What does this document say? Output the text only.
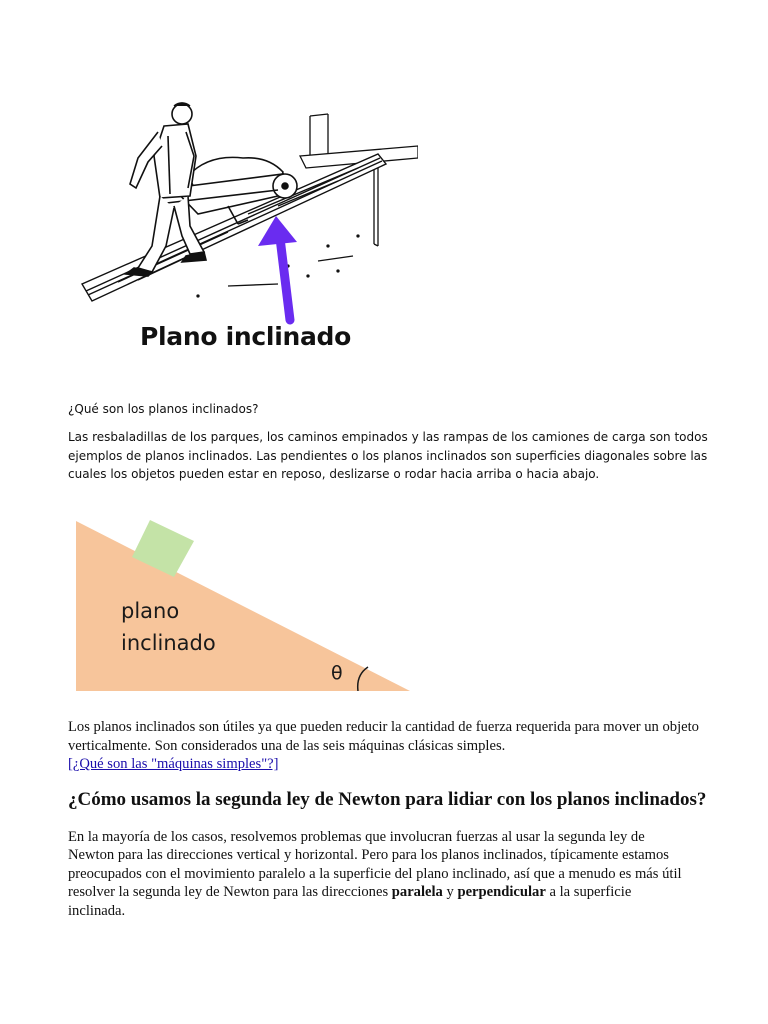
Plano inclinado
¿Qué son los planos inclinados?
Las resbaladillas de los parques, los caminos empinados y las rampas de los camiones de carga son todos ejemplos de planos inclinados. Las pendientes o los planos inclinados son superficies diagonales sobre las cuales los objetos pueden estar en reposo, deslizarse o rodar hacia arriba o hacia abajo.
plano
inclinado
θ
Los planos inclinados son útiles ya que pueden reducir la cantidad de fuerza requerida para mover un objeto verticalmente. Son considerados una de las seis máquinas clásicas simples.
[¿Qué son las "máquinas simples"?]
¿Cómo usamos la segunda ley de Newton para lidiar con los planos inclinados?
En la mayoría de los casos, resolvemos problemas que involucran fuerzas al usar la segunda ley de Newton para las direcciones vertical y horizontal. Pero para los planos inclinados, típicamente estamos preocupados con el movimiento paralelo a la superficie del plano inclinado, así que a menudo es más útil resolver la segunda ley de Newton para las direcciones paralela y perpendicular a la superficie inclinada.
